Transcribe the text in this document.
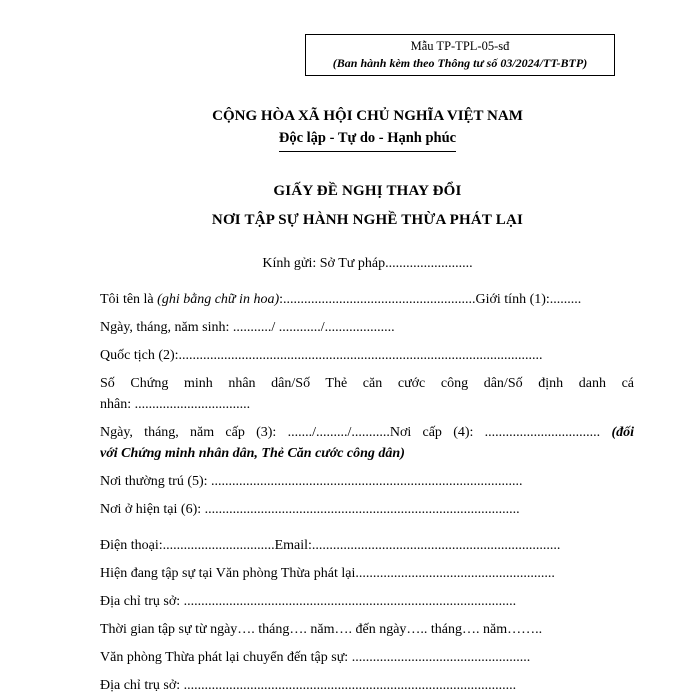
Mẫu TP-TPL-05-sđ
(Ban hành kèm theo Thông tư số 03/2024/TT-BTP)
CỘNG HÒA XÃ HỘI CHỦ NGHĨA VIỆT NAM
Độc lập - Tự do - Hạnh phúc
GIẤY ĐỀ NGHỊ THAY ĐỔI
NƠI TẬP SỰ HÀNH NGHỀ THỪA PHÁT LẠI
Kính gửi: Sở Tư pháp.........................
Tôi tên là (ghi bằng chữ in hoa):.......................................................Giới tính (1):.........
Ngày, tháng, năm sinh: .........../ ............/....................
Quốc tịch (2):........................................................................................................
Số Chứng minh nhân dân/Số Thẻ căn cước công dân/Số định danh cá
nhân: .................................
Ngày, tháng, năm cấp (3): ......./........./...........Nơi cấp (4): ................................. (đối
với Chứng minh nhân dân, Thẻ Căn cước công dân)
Nơi thường trú (5): .........................................................................................
Nơi ở hiện tại (6): ..........................................................................................
Điện thoại:................................Email:.......................................................................
Hiện đang tập sự tại Văn phòng Thừa phát lại.........................................................
Địa chỉ trụ sở: ...............................................................................................
Thời gian tập sự từ ngày…. tháng…. năm…. đến ngày….. tháng…. năm……..
Văn phòng Thừa phát lại chuyển đến tập sự: ...................................................
Địa chỉ trụ sở: ...............................................................................................
